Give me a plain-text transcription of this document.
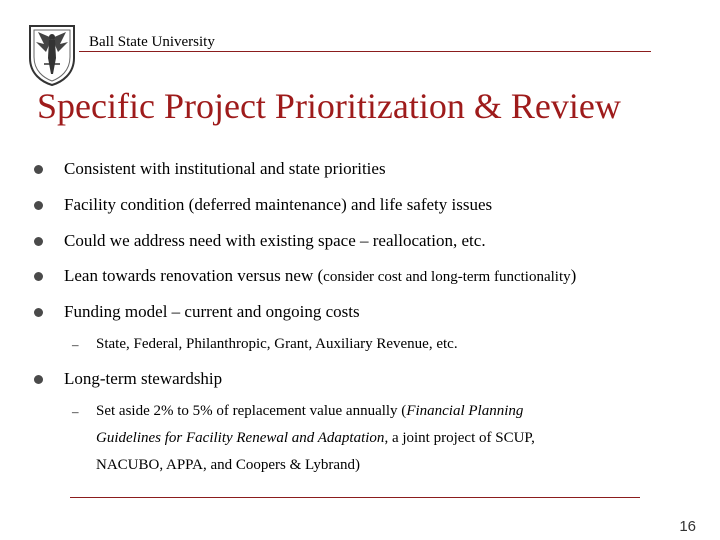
Ball State University
Specific Project Prioritization & Review
Consistent with institutional and state priorities
Facility condition (deferred maintenance) and life safety issues
Could we address need with existing space – reallocation, etc.
Lean towards renovation versus new (consider cost and long-term functionality)
Funding model – current and ongoing costs
– State, Federal, Philanthropic, Grant, Auxiliary Revenue, etc.
Long-term stewardship
– Set aside 2% to 5% of replacement value annually (Financial Planning
Guidelines for Facility Renewal and Adaptation, a joint project of SCUP,
NACUBO, APPA, and Coopers & Lybrand)
16
